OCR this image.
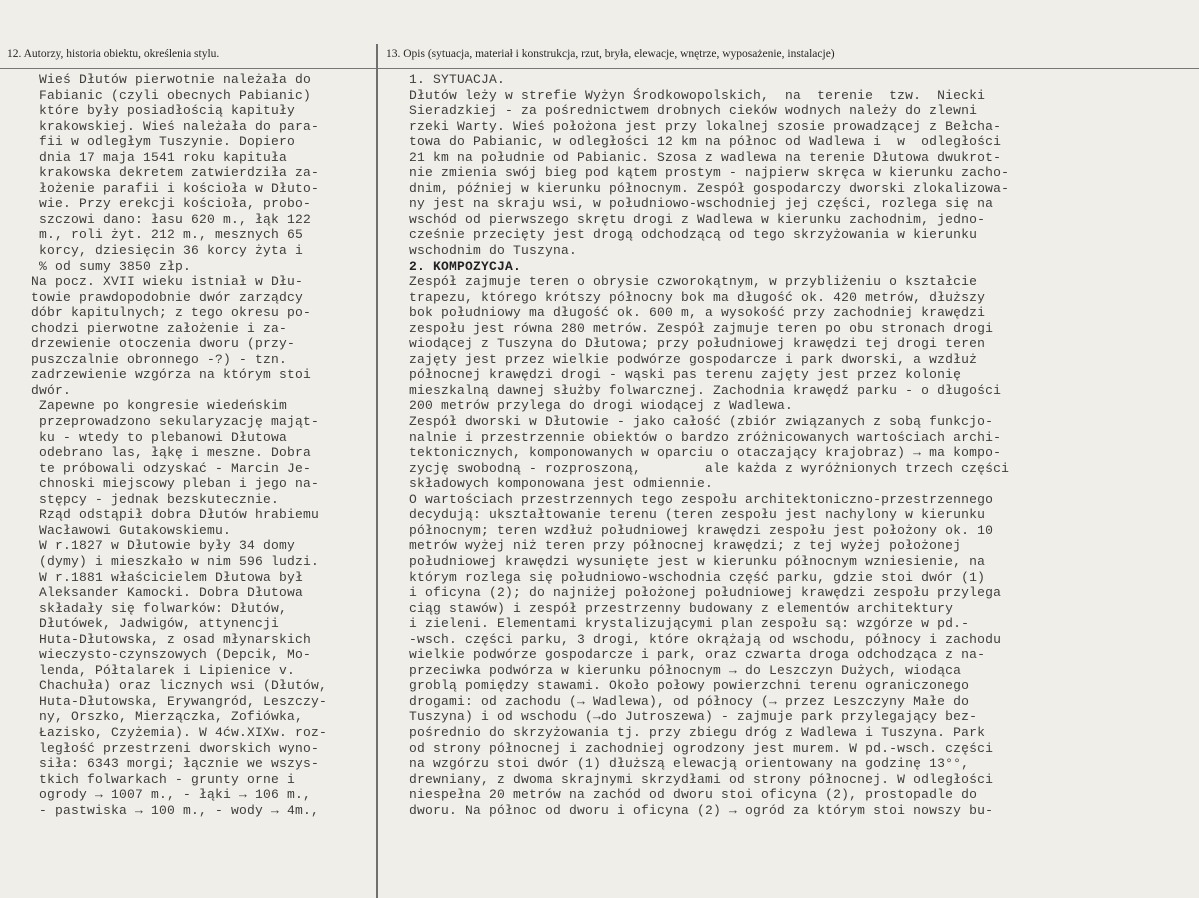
12. Autorzy, historia obiektu, określenia stylu.	13. Opis (sytuacja, materiał i konstrukcja, rzut, bryła, elewacje, wnętrze, wyposażenie, instalacje)
Wieś Dłutów pierwotnie należała do
Fabianic (czyli obecnych Pabianic)
które były posiadłością kapituły
krakowskiej. Wieś należała do para-
fii w odległym Tuszynie. Dopiero
dnia 17 maja 1541 roku kapituła
krakowska dekretem zatwierdziła za-
łożenie parafii i kościoła w Dłuto-
wie. Przy erekcji kościoła, probo-
szczowi dano: łasu 620 m., łąk 122
m., roli żyt. 212 m., mesznych 65
korcy, dziesięcin 36 korcy żyta i
% od sumy 3850 złp.
Na pocz. XVII wieku istniał w Dłu-
towie prawdopodobnie dwór zarządcy
dóbr kapitulnych; z tego okresu po-
chodzi pierwotne założenie i za-
drzewienie otoczenia dworu (przy-
puszczalnie obronnego -?) - tzn.
zadrzewienie wzgórza na którym stoi
dwór.
Zapewne po kongresie wiedeńskim
przeprowadzono sekularyzację mająt-
ku - wtedy to plebanowi Dłutowa
odebrano las, łąkę i meszne. Dobra
te próbowali odzyskać - Marcin Je-
chnoski miejscowy pleban i jego na-
stępcy - jednak bezskutecznie.
Rząd odstąpił dobra Dłutów hrabiemu
Wacławowi Gutakowskiemu.
W r.1827 w Dłutowie były 34 domy
(dymy) i mieszkało w nim 596 ludzi.
W r.1881 właścicielem Dłutowa był
Aleksander Kamocki. Dobra Dłutowa
składały się folwarków: Dłutów,
Dłutówek, Jadwigów, attynencji
Huta-Dłutowska, z osad młynarskich
wieczysto-czynszowych (Depcik, Mo-
lenda, Półtalarek i Lipienice v.
Chachuła) oraz licznych wsi (Dłutów,
Huta-Dłutowska, Erywangród, Leszczy-
ny, Orszko, Mierzączka, Zofiówka,
Łazisko, Czyżemia). W 4ćw.XIXw. roz-
ległość przestrzeni dworskich wyno-
siła: 6343 morgi; łącznie we wszys-
tkich folwarkach - grunty orne i
ogrody → 1007 m., - łąki → 106 m.,
- pastwiska → 100 m., - wody → 4m.,
1. SYTUACJA.
Dłutów leży w strefie Wyżyn Środkowopolskich,  na  terenie  tzw.  Niecki
Sieradzkiej - za pośrednictwem drobnych cieków wodnych należy do zlewni
rzeki Warty. Wieś położona jest przy lokalnej szosie prowadzącej z Bełcha-
towa do Pabianic, w odległości 12 km na północ od Wadlewa i  w  odległości
21 km na południe od Pabianic. Szosa z wadlewa na terenie Dłutowa dwukrot-
nie zmienia swój bieg pod kątem prostym - najpierw skręca w kierunku zacho-
dnim, później w kierunku północnym. Zespół gospodarczy dworski zlokalizowa-
ny jest na skraju wsi, w południowo-wschodniej jej części, rozlega się na
wschód od pierwszego skrętu drogi z Wadlewa w kierunku zachodnim, jedno-
cześnie przecięty jest drogą odchodzącą od tego skrzyżowania w kierunku
wschodnim do Tuszyna.
2. KOMPOZYCJA.
Zespół zajmuje teren o obrysie czworokątnym, w przybliżeniu o kształcie
trapezu, którego krótszy północny bok ma długość ok. 420 metrów, dłuższy
bok południowy ma długość ok. 600 m, a wysokość przy zachodniej krawędzi
zespołu jest równa 280 metrów. Zespół zajmuje teren po obu stronach drogi
wiodącej z Tuszyna do Dłutowa; przy południowej krawędzi tej drogi teren
zajęty jest przez wielkie podwórze gospodarcze i park dworski, a wzdłuż
północnej krawędzi drogi - wąski pas terenu zajęty jest przez kolonię
mieszkalną dawnej służby folwarcznej. Zachodnia krawędź parku - o długości
200 metrów przylega do drogi wiodącej z Wadlewa.
Zespół dworski w Dłutowie - jako całość (zbiór związanych z sobą funkcjo-
nalnie i przestrzennie obiektów o bardzo zróżnicowanych wartościach archi-
tektonicznych, komponowanych w oparciu o otaczający krajobraz) → ma kompo-
zycję swobodną - rozproszoną,        ale każda z wyróżnionych trzech części
składowych komponowana jest odmiennie.
O wartościach przestrzennych tego zespołu architektoniczno-przestrzennego
decydują: ukształtowanie terenu (teren zespołu jest nachylony w kierunku
północnym; teren wzdłuż południowej krawędzi zespołu jest położony ok. 10
metrów wyżej niż teren przy północnej krawędzi; z tej wyżej położonej
południowej krawędzi wysunięte jest w kierunku północnym wzniesienie, na
którym rozlega się południowo-wschodnia część parku, gdzie stoi dwór (1)
i oficyna (2); do najniżej położonej południowej krawędzi zespołu przylega
ciąg stawów) i zespół przestrzenny budowany z elementów architektury
i zieleni. Elementami krystalizującymi plan zespołu są: wzgórze w pd.-
-wsch. części parku, 3 drogi, które okrążają od wschodu, północy i zachodu
wielkie podwórze gospodarcze i park, oraz czwarta droga odchodząca z na-
przeciwka podwórza w kierunku północnym → do Leszczyn Dużych, wiodąca
groblą pomiędzy stawami. Około połowy powierzchni terenu ograniczonego
drogami: od zachodu (→ Wadlewa), od północy (→ przez Leszczyny Małe do
Tuszyna) i od wschodu (→do Jutroszewa) - zajmuje park przylegający bez-
pośrednio do skrzyżowania tj. przy zbiegu dróg z Wadlewa i Tuszyna. Park
od strony północnej i zachodniej ogrodzony jest murem. W pd.-wsch. części
na wzgórzu stoi dwór (1) dłuższą elewacją orientowany na godzinę 13°°,
drewniany, z dwoma skrajnymi skrzydłami od strony północnej. W odległości
niespełna 20 metrów na zachód od dworu stoi oficyna (2), prostopadle do
dworu. Na północ od dworu i oficyna (2) → ogród za którym stoi nowszy bu-
